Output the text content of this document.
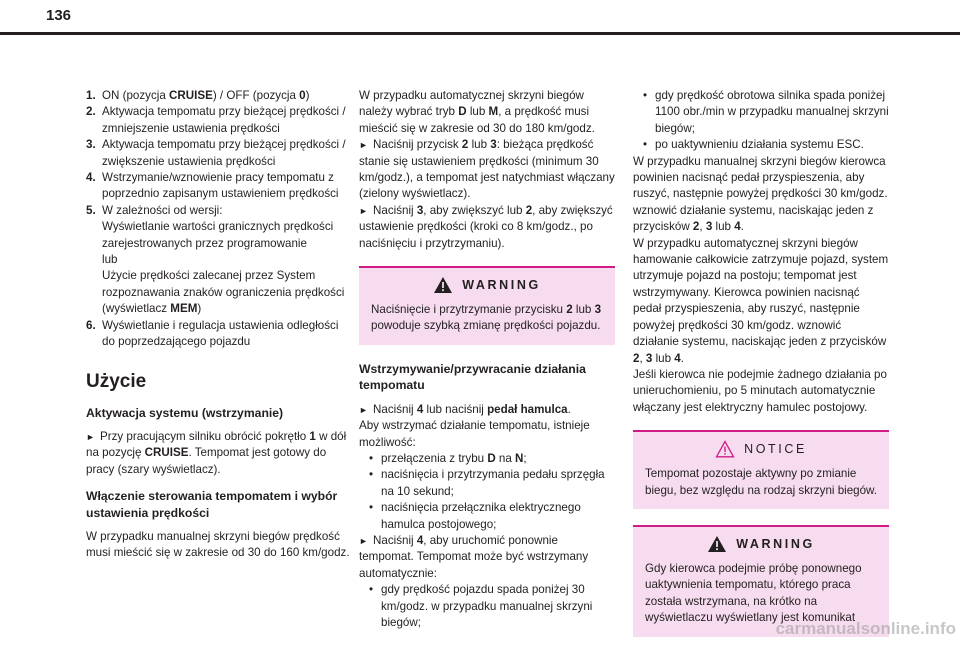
136
1. ON (pozycja CRUISE) / OFF (pozycja 0)
2. Aktywacja tempomatu przy bieżącej prędkości / zmniejszenie ustawienia prędkości
3. Aktywacja tempomatu przy bieżącej prędkości / zwiększenie ustawienia prędkości
4. Wstrzymanie/wznowienie pracy tempomatu z poprzednio zapisanym ustawieniem prędkości
5. W zależności od wersji:
Wyświetlanie wartości granicznych prędkości zarejestrowanych przez programowanie
lub
Użycie prędkości zalecanej przez System rozpoznawania znaków ograniczenia prędkości (wyświetlacz MEM)
6. Wyświetlanie i regulacja ustawienia odległości do poprzedzającego pojazdu
Użycie
Aktywacja systemu (wstrzymanie)

► Przy pracującym silniku obrócić pokrętło 1 w dół na pozycję CRUISE. Tempomat jest gotowy do pracy (szary wyświetlacz).

Włączenie sterowania tempomatem i wybór ustawienia prędkości

W przypadku manualnej skrzyni biegów prędkość musi mieścić się w zakresie od 30 do 160 km/godz.

W przypadku automatycznej skrzyni biegów należy wybrać tryb D lub M, a prędkość musi mieścić się w zakresie od 30 do 180 km/godz.

► Naciśnij przycisk 2 lub 3: bieżąca prędkość stanie się ustawieniem prędkości (minimum 30 km/godz.), a tempomat jest natychmiast włączany (zielony wyświetlacz).

► Naciśnij 3, aby zwiększyć lub 2, aby zwiększyć ustawienie prędkości (kroki co 8 km/godz., po naciśnięciu i przytrzymaniu).

WARNING
Naciśnięcie i przytrzymanie przycisku 2 lub 3 powoduje szybką zmianę prędkości pojazdu.
Wstrzymywanie/przywracanie działania tempomatu

► Naciśnij 4 lub naciśnij pedał hamulca.

Aby wstrzymać działanie tempomatu, istnieje możliwość:

• przełączenia z trybu D na N;
• naciśnięcia i przytrzymania pedału sprzęgła na 10 sekund;
• naciśnięcia przełącznika elektrycznego hamulca postojowego;

► Naciśnij 4, aby uruchomić ponownie tempomat. Tempomat może być wstrzymany automatycznie:

• gdy prędkość pojazdu spada poniżej 30 km/godz. w przypadku manualnej skrzyni biegów;
• gdy prędkość obrotowa silnika spada poniżej 1100 obr./min w przypadku manualnej skrzyni biegów;
• po uaktywnieniu działania systemu ESC.

W przypadku manualnej skrzyni biegów kierowca powinien nacisnąć pedał przyspieszenia, aby ruszyć, następnie powyżej prędkości 30 km/godz. wznowić działanie systemu, naciskając jeden z przycisków 2, 3 lub 4.

W przypadku automatycznej skrzyni biegów hamowanie całkowicie zatrzymuje pojazd, system utrzymuje pojazd na postoju; tempomat jest wstrzymywany. Kierowca powinien nacisnąć pedał przyspieszenia, aby ruszyć, następnie powyżej prędkości 30 km/godz. wznowić działanie systemu, naciskając jeden z przycisków 2, 3 lub 4.

Jeśli kierowca nie podejmie żadnego działania po unieruchomieniu, po 5 minutach automatycznie włączany jest elektryczny hamulec postojowy.

NOTICE
Tempomat pozostaje aktywny po zmianie biegu, bez względu na rodzaj skrzyni biegów.
WARNING
Gdy kierowca podejmie próbę ponownego uaktywnienia tempomatu, którego praca została wstrzymana, na krótko na wyświetlaczu wyświetlany jest komunikat
carmanualsonline.info
